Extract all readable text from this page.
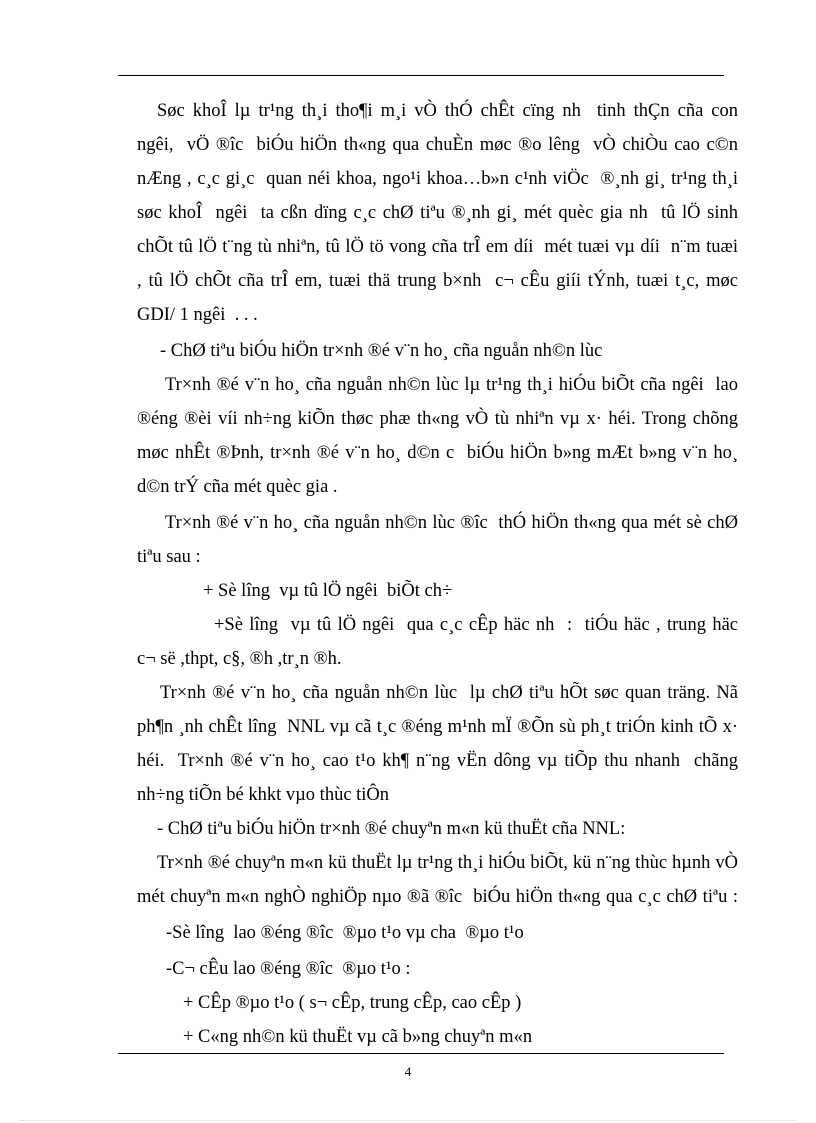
Søc khoÎ lµ tr¹ng th¸i tho¶i m¸i vÒ thÓ chÊt cïng nh  tinh thÇn cña con

ngêi,  vÖ ®îc  biÓu hiÖn th«ng qua chuÈn møc ®o lêng  vÒ chiÒu cao c©n

nÆng , c¸c gi¸c  quan néi khoa, ngo¹i khoa…b»n c¹nh viÖc  ®¸nh gi¸ tr¹ng th¸i

søc khoÎ  ngêi  ta cßn dïng c¸c chØ tiªu ®¸nh gi¸ mét quèc gia nh  tû lÖ sinh

chÕt tû lÖ t¨ng tù nhiªn, tû lÖ tö vong cña trÎ em díi  mét tuæi vµ díi  n¨m tuæi

, tû lÖ chÕt cña trÎ em, tuæi thä trung b×nh  c¬ cÊu giíi tÝnh, tuæi t¸c, møc

GDI/ 1 ngêi  . . .

- ChØ tiªu biÓu hiÖn tr×nh ®é v¨n ho¸ cña nguån nh©n lùc

Tr×nh ®é v¨n ho¸ cña nguån nh©n lùc lµ tr¹ng th¸i hiÓu biÕt cña ngêi  lao

®éng ®èi víi nh÷ng kiÕn thøc phæ th«ng vÒ tù nhiªn vµ x· héi. Trong chõng

møc nhÊt ®Þnh, tr×nh ®é v¨n ho¸ d©n c  biÓu hiÖn b»ng mÆt b»ng v¨n ho¸

d©n trÝ cña mét quèc gia .

Tr×nh ®é v¨n ho¸ cña nguån nh©n lùc ®îc  thÓ hiÖn th«ng qua mét sè chØ

tiªu sau :

+ Sè lîng  vµ tû lÖ ngêi  biÕt ch÷

+Sè lîng  vµ tû lÖ ngêi  qua c¸c cÊp häc nh  :  tiÓu häc , trung häc

c¬ së ,thpt, c§, ®h ,tr¸n ®h.

Tr×nh ®é v¨n ho¸ cña nguån nh©n lùc  lµ chØ tiªu hÕt søc quan träng. Nã

ph¶n ¸nh chÊt lîng  NNL vµ cã t¸c ®éng m¹nh mÏ ®Õn sù ph¸t triÓn kinh tÕ x·

héi.  Tr×nh ®é v¨n ho¸ cao t¹o kh¶ n¨ng vËn dông vµ tiÕp thu nhanh  chãng

nh÷ng tiÕn bé khkt vµo thùc tiÔn

- ChØ tiªu biÓu hiÖn tr×nh ®é chuyªn m«n kü thuËt cña NNL:

Tr×nh ®é chuyªn m«n kü thuËt lµ tr¹ng th¸i hiÓu biÕt, kü n¨ng thùc hµnh vÒ

mét chuyªn m«n nghÒ nghiÖp nµo ®ã ®îc  biÓu hiÖn th«ng qua c¸c chØ tiªu :

-Sè lîng  lao ®éng ®îc  ®µo t¹o vµ cha  ®µo t¹o

-C¬ cÊu lao ®éng ®îc  ®µo t¹o :

+ CÊp ®µo t¹o ( s¬ cÊp, trung cÊp, cao cÊp )

+ C«ng nh©n kü thuËt vµ cã b»ng chuyªn m«n

4
